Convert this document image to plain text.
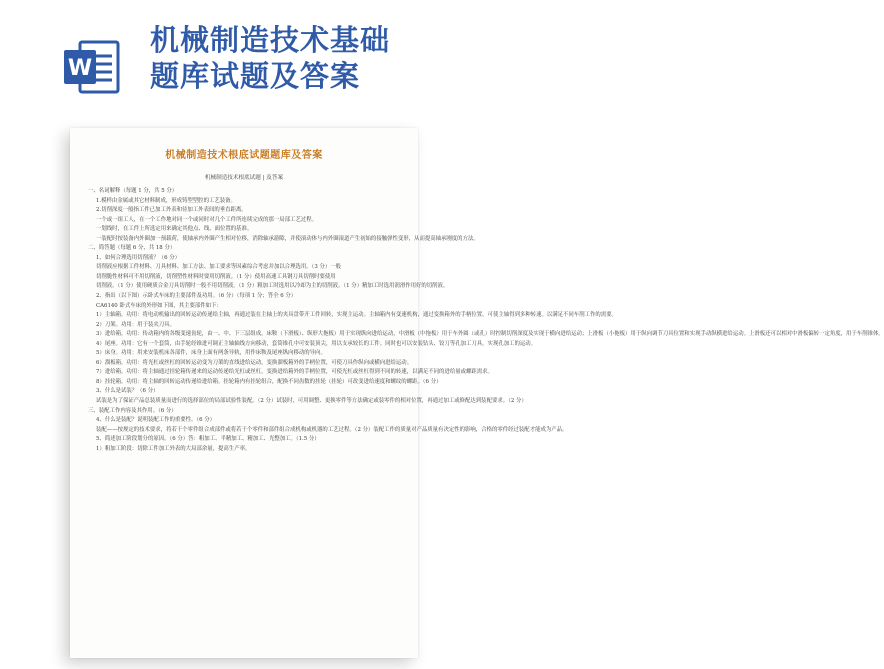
W
机械制造技术基础
题库试题及答案
机械制造技术根底试题题库及答案
机械制造技术根底试题 | 及答案
一、名词解释（每题 1 分，共 5 分）
1.模样由金属或其它材料制成，形成铸型型腔的工艺装备。
2.切削深度一般指工件已加工外表和待加工外表间的垂直距离。
一个或一组工人，在一个工作地对同一个或同时对几个工件所连续完成的那一局部工艺过程。
一划线时，在工件上所选定用来确定其他点、线、面位置的基准。
一装配时按装备内外圈加一预载荷，使轴承内外圈产生相对位移，消除轴承游隙，并使滚动体与内外圈滚道产生初始的接触弹性变形，从而提高轴承刚度的方法。
二、简答题（每题 6 分，共 18 分）
1、如何合理选用切削液？（6 分）
切削液应根据工件材料、刀具材料、加工方法、加工要求等因素综合考虑并加以合理选用。（3 分）一般
切削脆性材料可不用切削液，切削塑性材料时要用切削液。（1 分）使用高速工具钢刀具切削时要使用
切削液。（1 分）使用硬质合金刀具切削时一般不用切削液。（1 分）粗加工时选用以冷却为主的切削液。（1 分）精加工时选用润滑作用好的切削液。
2、指出（以下图）示卧式车床的主要部件及功用。（6 分）（每项 1 分；答全 6 分）
CA6140 卧式车床的外形如下图，其主要部件如下：
1）主轴箱。功用：将电动机输出的回转运动传递给主轴，再通过装在主轴上的夹具盘带开工件回转，实现主运动。主轴箱内有变速机构，通过变换箱外的手柄位置，可使主轴得到多种转速。以满足不同车削工作的需要。
2）刀架。功用：用于装夹刀具。
3）进给箱。功用：传动箱内的各级变速齿轮，由一、中、下三层组成，床鞍（下滑板）、纵形大拖板）用于实现纵向进给运动，中滑板（中拖板）用于车外圆（或孔）时控制切削深度及实现于横向进给运动；上滑板（小拖板）用于纵向调节刀具位置和实现手动纵横进给运动。上滑板还可以相对中滑板偏转一定角度，用于车削锥体。
4）尾座。功用：它有一个套筒，由手轮经锥进可调正主轴轴线方向移动，套筒锥孔中可安装顶尖，用以支承较长的工件。同时也可以安装钻头、铰刀等孔加工刀具，实现孔加工的运动。
5）床身。功用：用来安装机床各部件，床身上面有两条导轨，用作床鞍及尾座纵向移动的导向。
6）溜板箱。功用：将光杠或丝杠的回转运动变为刀架的直线进给运动，变换溜板箱外的手柄位置，可使刀具作纵向或横向进给运动。
7）进给箱。功用：将主轴通过挂轮箱传递来的运动传递给光杠或丝杠，变换进给箱外的手柄位置，可使光杠或丝杠得到不同的转速，以满足不同的进给量或螺距需求。
8）挂轮箱。功用：将主轴的回转运动传递给进给箱。挂轮箱内有挂轮组合，配换不同齿数的挂轮（挂轮）可改变进给速度和螺纹的螺距。（6 分）
3、什么是试装？（6 分）
试装是为了保证产品总装质量而进行的选择部位的局部试验性装配。（2 分）试装时，可用调整、更换零件等方法确定或装零件的相对位置，再通过加工或修配达到装配要求。（2 分）
三、装配工作内容及其作用。（6 分）
4、什么是装配？说明装配工作的重要性。（6 分）
装配——按规定的技术要求，将若干个零件组合成部件或将若干个零件和部件组合成机构或机器的工艺过程。（2 分）装配工作的质量对产品质量有决定性的影响，合格的零件经过装配才能成为产品。
5、简述加工阶段划分的原因。（6 分）答：粗加工、半精加工、精加工、光整加工。（1.5 分）
1）粗加工阶段：切除工件加工外表的大局部余量，提高生产率。
